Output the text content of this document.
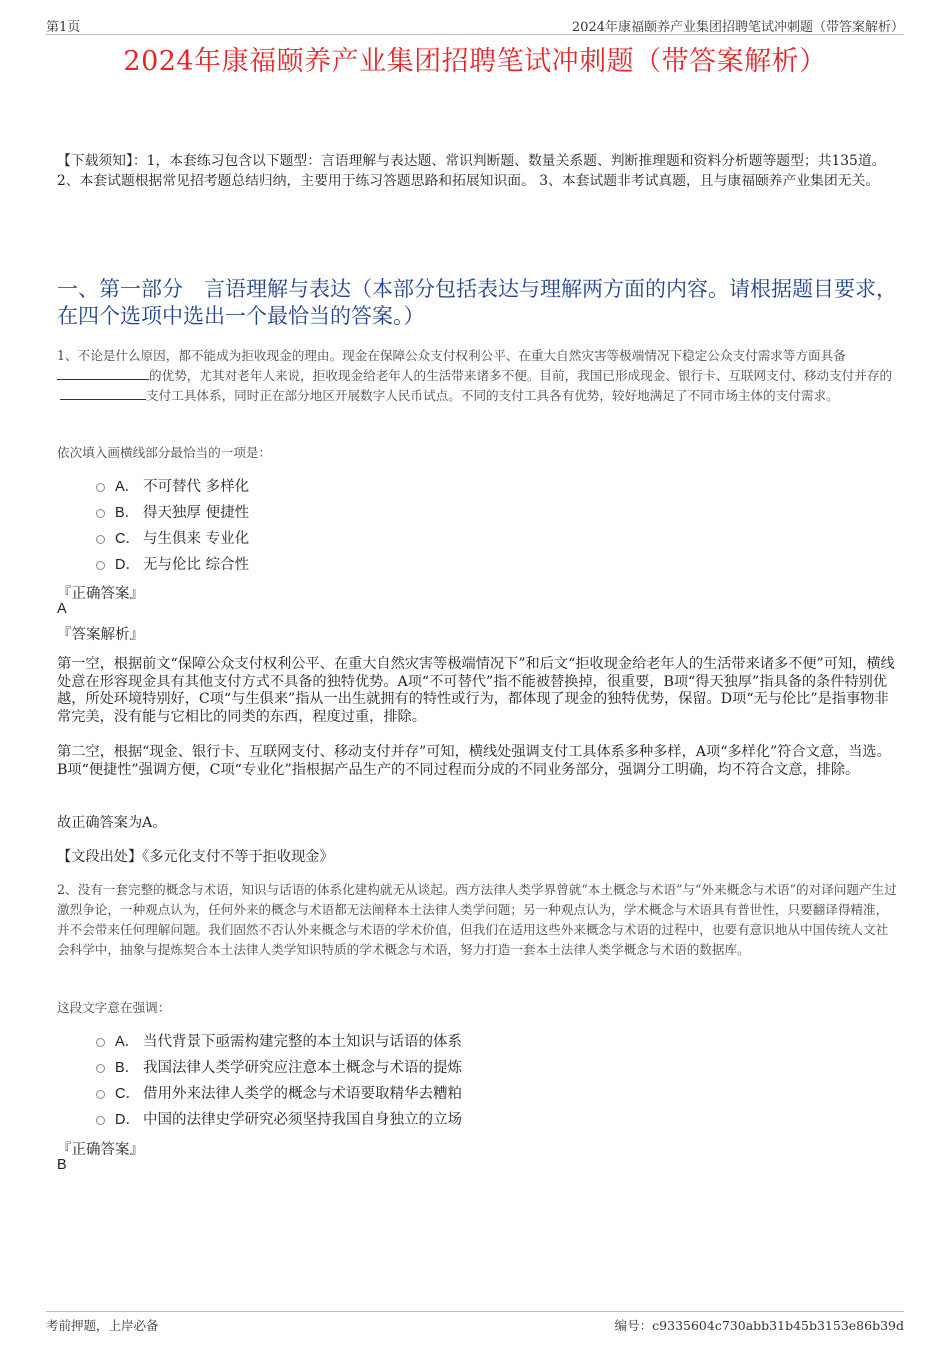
第1页	2024年康福颐养产业集团招聘笔试冲刺题（带答案解析）
2024年康福颐养产业集团招聘笔试冲刺题（带答案解析）
【下载须知】：1，本套练习包含以下题型：言语理解与表达题、常识判断题、数量关系题、判断推理题和资料分析题等题型；共135道。 2、本套试题根据常见招考题总结归纳，主要用于练习答题思路和拓展知识面。 3、本套试题非考试真题，且与康福颐养产业集团无关。
一、第一部分　言语理解与表达（本部分包括表达与理解两方面的内容。请根据题目要求，在四个选项中选出一个最恰当的答案。）
1、不论是什么原因，都不能成为拒收现金的理由。现金在保障公众支付权利公平、在重大自然灾害等极端情况下稳定公众支付需求等方面具备的优势，尤其对老年人来说，拒收现金给老年人的生活带来诸多不便。目前，我国已形成现金、银行卡、互联网支付、移动支付并存的支付工具体系，同时正在部分地区开展数字人民币试点。不同的支付工具各有优势，较好地满足了不同市场主体的支付需求。
依次填入画横线部分最恰当的一项是：
A． 不可替代 多样化
B． 得天独厚 便捷性
C． 与生俱来 专业化
D． 无与伦比 综合性
『正确答案』
A
『答案解析』
第一空，根据前文“保障公众支付权利公平、在重大自然灾害等极端情况下”和后文“拒收现金给老年人的生活带来诸多不便”可知，横线处意在形容现金具有其他支付方式不具备的独特优势。A项“不可替代”指不能被替换掉，很重要，B项“得天独厚”指具备的条件特别优越，所处环境特别好，C项“与生俱来”指从一出生就拥有的特性或行为，都体现了现金的独特优势，保留。D项“无与伦比”是指事物非常完美，没有能与它相比的同类的东西，程度过重，排除。
第二空，根据“现金、银行卡、互联网支付、移动支付并存”可知，横线处强调支付工具体系多种多样，A项“多样化”符合文意，当选。B项“便捷性”强调方便，C项“专业化”指根据产品生产的不同过程而分成的不同业务部分，强调分工明确，均不符合文意，排除。
故正确答案为A。
【文段出处】《多元化支付不等于拒收现金》
2、没有一套完整的概念与术语，知识与话语的体系化建构就无从谈起。西方法律人类学界曾就“本土概念与术语”与“外来概念与术语”的对译问题产生过激烈争论，一种观点认为，任何外来的概念与术语都无法阐释本土法律人类学问题；另一种观点认为，学术概念与术语具有普世性，只要翻译得精准，并不会带来任何理解问题。我们固然不否认外来概念与术语的学术价值，但我们在适用这些外来概念与术语的过程中，也要有意识地从中国传统人文社会科学中，抽象与提炼契合本土法律人类学知识特质的学术概念与术语，努力打造一套本土法律人类学概念与术语的数据库。
这段文字意在强调：
A． 当代背景下亟需构建完整的本土知识与话语的体系
B． 我国法律人类学研究应注意本土概念与术语的提炼
C． 借用外来法律人类学的概念与术语要取精华去糟粕
D． 中国的法律史学研究必须坚持我国自身独立的立场
『正确答案』
B
考前押题，上岸必备	编号：c9335604c730abb31b45b3153e86b39d
